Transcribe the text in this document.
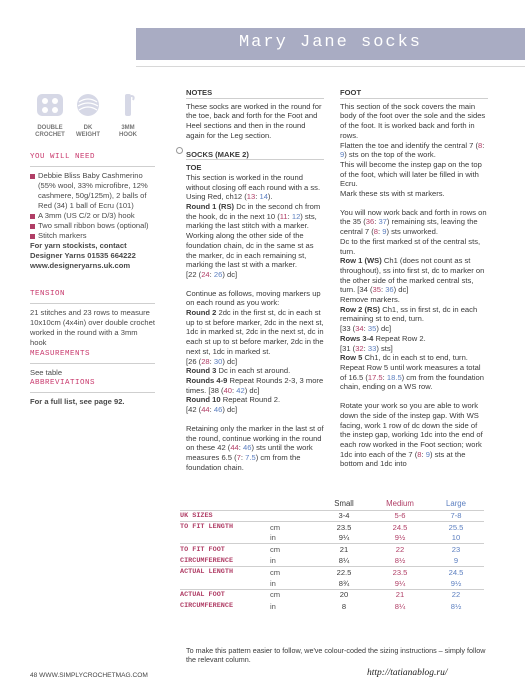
Mary Jane socks
DOUBLE
CROCHET
DK
WEIGHT
3MM
HOOK
YOU WILL NEED
Debbie Bliss Baby Cashmerino (55% wool, 33% microfibre, 12% cashmere, 50g/125m), 2 balls of Red (34) 1 ball of Ecru (101)
A 3mm (US C/2 or D/3) hook
Two small ribbon bows (optional)
Stitch markers
For yarn stockists, contact
Designer Yarns 01535 664222
www.designeryarns.uk.com
TENSION
21 stitches and 23 rows to measure 10x10cm (4x4in) over double crochet worked in the round with a 3mm hook
MEASUREMENTS
See table
ABBREVIATIONS
For a full list, see page 92.
NOTES
These socks are worked in the round for the toe, back and forth for the Foot and Heel sections and then in the round again for the Leg section.
SOCKS (MAKE 2)
TOE
This section is worked in the round without closing off each round with a ss.
Using Red, ch12 (13: 14).
Round 1 (RS) Dc in the second ch from the hook, dc in the next 10 (11: 12) sts, marking the last stitch with a marker. Working along the other side of the foundation chain, dc in the same st as the marker, dc in each remaining st, marking the last st with a marker.
[22 (24: 26) dc]
Continue as follows, moving markers up on each round as you work:
Round 2 2dc in the first st, dc in each st up to st before marker, 2dc in the next st, 1dc in marked st, 2dc in the next st, dc in each st up to st before marker, 2dc in the next st, 1dc in marked st.
[26 (28: 30) dc]
Round 3 Dc in each st around.
Rounds 4-9 Repeat Rounds 2-3, 3 more times. [38 (40: 42) dc]
Round 10 Repeat Round 2.
[42 (44: 46) dc]
Retaining only the marker in the last st of the round, continue working in the round on these 42 (44: 46) sts until the work measures 6.5 (7: 7.5) cm from the foundation chain.
FOOT
This section of the sock covers the main body of the foot over the sole and the sides of the foot. It is worked back and forth in rows.
Flatten the toe and identify the central 7 (8: 9) sts on the top of the work.
This will become the instep gap on the top of the foot, which will later be filled in with Ecru.
Mark these sts with st markers.
You will now work back and forth in rows on the 35 (36: 37) remaining sts, leaving the central 7 (8: 9) sts unworked.
Dc to the first marked st of the central sts, turn.
Row 1 (WS) Ch1 (does not count as st throughout), ss into first st, dc to marker on the other side of the marked central sts, turn. [34 (35: 36) dc]
Remove markers.
Row 2 (RS) Ch1, ss in first st, dc in each remaining st to end, turn.
[33 (34: 35) dc]
Rows 3-4 Repeat Row 2.
[31 (32: 33) sts]
Row 5 Ch1, dc in each st to end, turn. Repeat Row 5 until work measures a total of 16.5 (17.5: 18.5) cm from the foundation chain, ending on a WS row.
Rotate your work so you are able to work down the side of the instep gap. With WS facing, work 1 row of dc down the side of the instep gap, working 1dc into the end of each row worked in the Foot section; work 1dc into each of the 7 (8: 9) sts at the bottom and 1dc into
		Small	Medium	Large
UK SIZES		3-4	5-6	7-8
TO FIT LENGTH	cm	23.5	24.5	25.5
	in	9¼	9½	10
TO FIT FOOT	cm	21	22	23
CIRCUMFERENCE	in	8¼	8½	9
ACTUAL LENGTH	cm	22.5	23.5	24.5
	in	8¾	9¼	9½
ACTUAL FOOT	cm	20	21	22
CIRCUMFERENCE	in	8	8¼	8½
To make this pattern easier to follow, we've colour-coded the sizing instructions – simply follow the relevant column.
48 WWW.SIMPLYCROCHETMAG.COM	http://tatianablog.ru/
